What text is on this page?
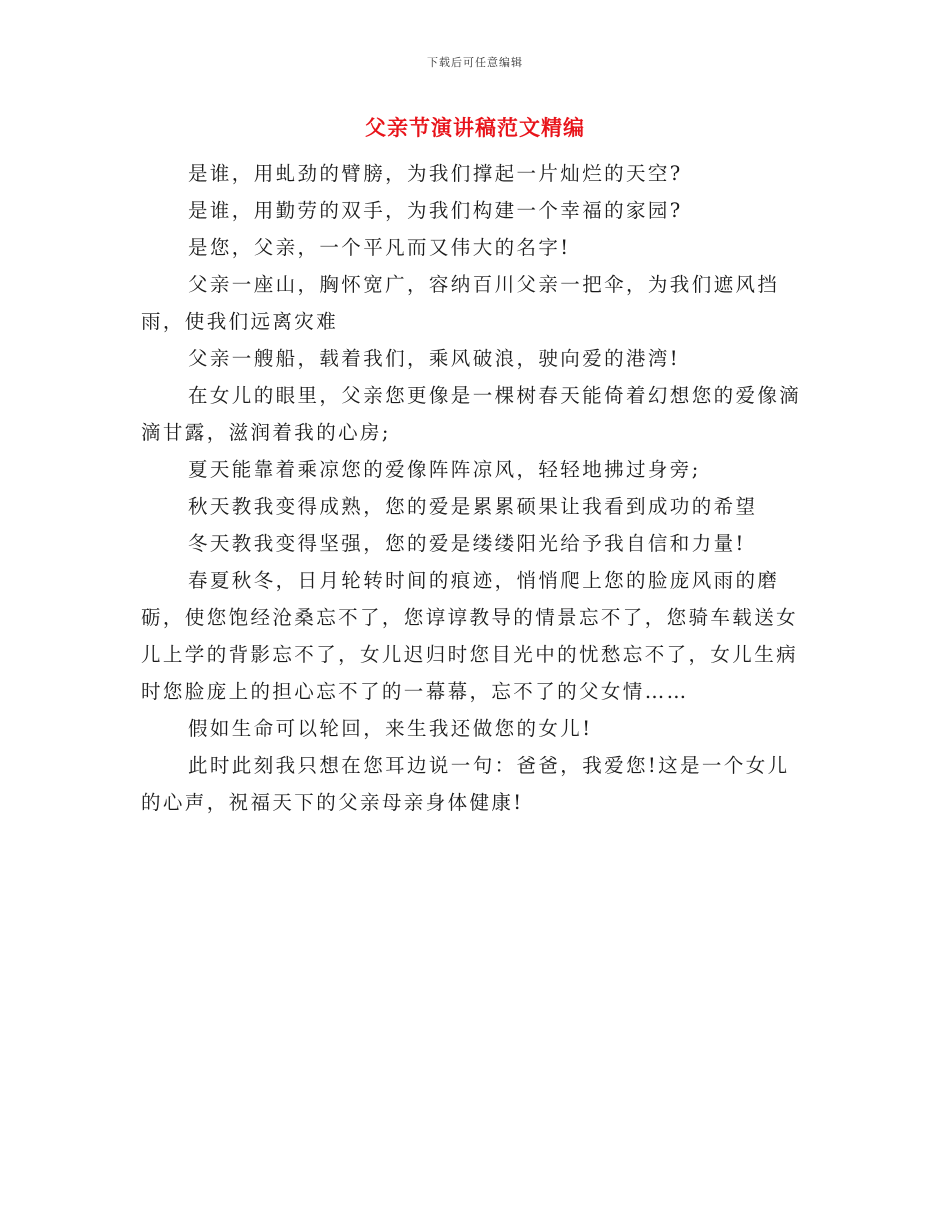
下载后可任意编辑
父亲节演讲稿范文精编

是谁，用虬劲的臂膀，为我们撑起一片灿烂的天空?

是谁，用勤劳的双手，为我们构建一个幸福的家园?

是您，父亲，一个平凡而又伟大的名字!

父亲一座山，胸怀宽广，容纳百川父亲一把伞，为我们遮风挡雨，使我们远离灾难

父亲一艘船，载着我们，乘风破浪，驶向爱的港湾!

在女儿的眼里，父亲您更像是一棵树春天能倚着幻想您的爱像滴滴甘露，滋润着我的心房;

夏天能靠着乘凉您的爱像阵阵凉风，轻轻地拂过身旁;

秋天教我变得成熟，您的爱是累累硕果让我看到成功的希望

冬天教我变得坚强，您的爱是缕缕阳光给予我自信和力量!

春夏秋冬，日月轮转时间的痕迹，悄悄爬上您的脸庞风雨的磨砺，使您饱经沧桑忘不了，您谆谆教导的情景忘不了，您骑车载送女儿上学的背影忘不了，女儿迟归时您目光中的忧愁忘不了，女儿生病时您脸庞上的担心忘不了的一幕幕，忘不了的父女情……

假如生命可以轮回，来生我还做您的女儿!

此时此刻我只想在您耳边说一句：爸爸，我爱您!这是一个女儿的心声，祝福天下的父亲母亲身体健康!
